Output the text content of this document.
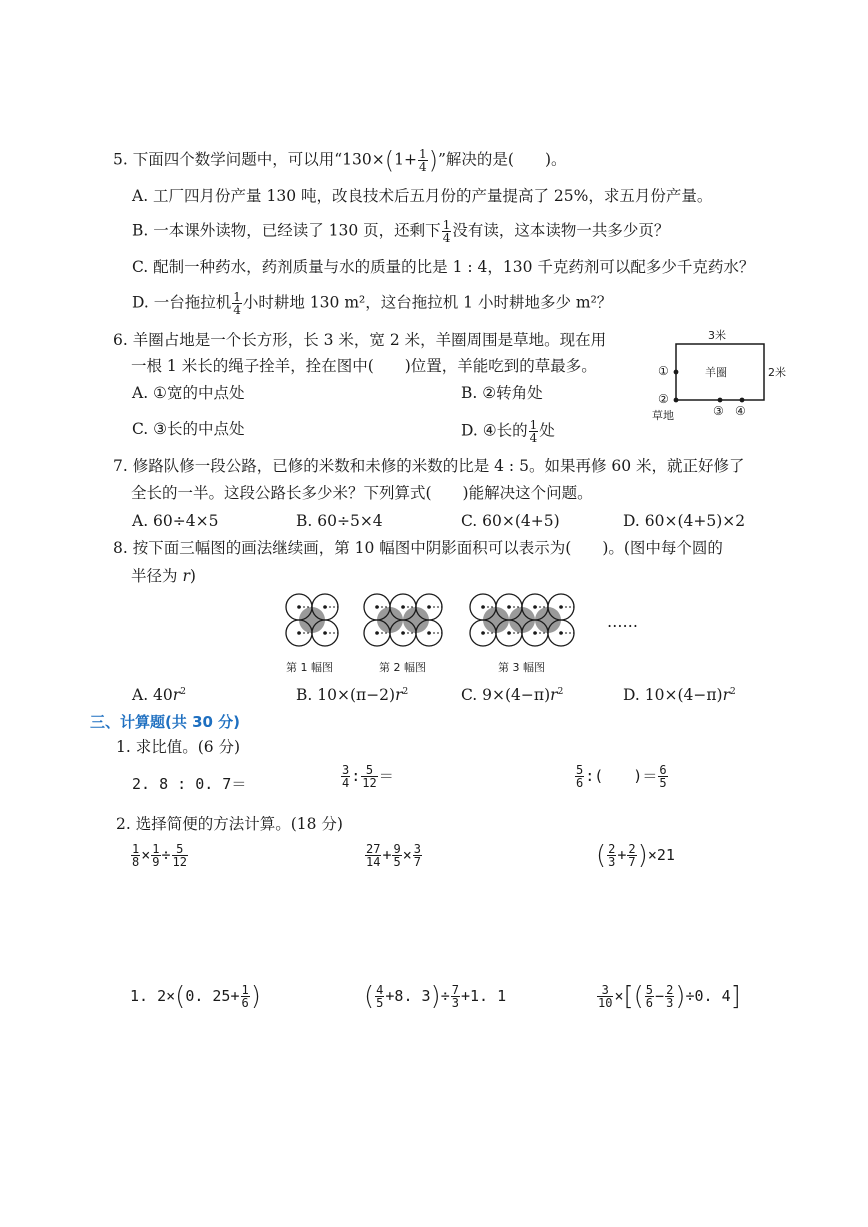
5. 下面四个数学问题中，可以用“$130\times(1+ \frac{1}{4}$ )”解决的是(　　)。
A. 工厂四月份产量 130 吨，改良技术后五月份的产量提高了 25%，求五月份产量。
B. 一本课外读物，已经读了 130 页，还剩下 $\frac{1}{4}$ 没有读，这本读物一共多少页？
C. 配制一种药水，药剂质量与水的质量的比是 1 : 4，130 千克药剂可以配多少千克药水？
D. 一台拖拉机 $\frac{1}{4}$ 小时耕地 130 m²，这台拖拉机 1 小时耕地多少 m²？
6. 羊圈占地是一个长方形，长 3 米，宽 2 米，羊圈周围是草地。现在用
一根 1 米长的绳子拴羊，拴在图中(　　)位置，羊能吃到的草最多。
A. ①宽的中点处	B. ②转角处
C. ③长的中点处	D. ④长的 $\frac{1}{4}$ 处
3米
2米
羊圈
①
②
草地	③ ④
7. 修路队修一段公路，已修的米数和未修的米数的比是 4 : 5。如果再修 60 米，就正好修了
全长的一半。这段公路长多少米？下列算式(　　)能解决这个问题。
A. 60÷4×5	B. 60÷5×4	C. 60×(4+5)	D. 60×(4+5)×2
8. 按下面三幅图的画法继续画，第 10 幅图中阴影面积可以表示为(　　)。(图中每个圆的
半径为 r)
第 1 幅图	第 2 幅图	第 3 幅图
……
A. $40r^2$	B. $10\times(\pi-2)r^2$	C. $9\times(4-\pi)r^2$	D. $10\times(4-\pi)r^2$
三、计算题(共 30 分)
1. 求比值。(6 分)
2. 8 : 0. 7＝	$\frac{3}{4}$ : $\frac{5}{12}$ ＝	$\frac{5}{6}$ :(　　)＝ $\frac{6}{5}$
2. 选择简便的方法计算。(18 分)
$\frac{1}{8} \times \frac{1}{9} \div \frac{5}{12}$	$\frac{27}{14} + \frac{9}{5} \times \frac{3}{7}$	( $\frac{2}{3} + \frac{2}{7} )\times 21$
1. 2×(0. $25+ \frac{1}{6}$ )	( $\frac{4}{5} +8$. $3)\div \frac{7}{3} +1$. 1	$\frac{3}{10}$ ×[( $\frac{5}{6} - \frac{2}{3} )\div 0$. 4]
